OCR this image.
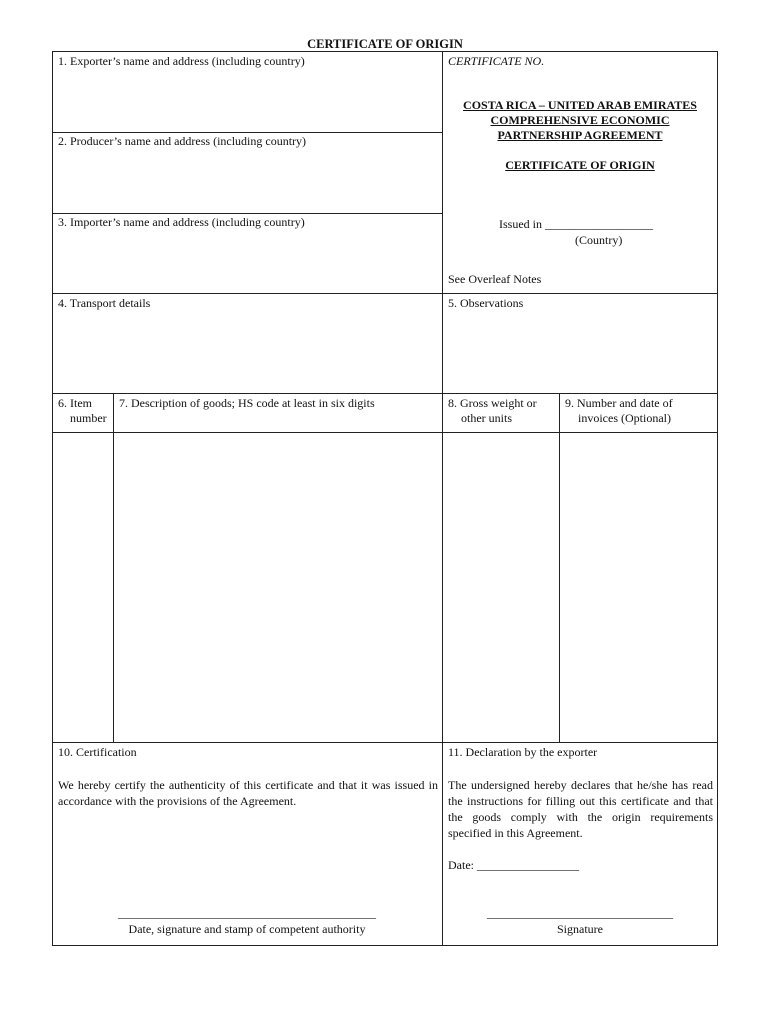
CERTIFICATE OF ORIGIN
1. Exporter’s name and address (including country)
2. Producer’s name and address (including country)
3. Importer’s name and address (including country)
CERTIFICATE NO.
COSTA RICA – UNITED ARAB EMIRATES
COMPREHENSIVE ECONOMIC
PARTNERSHIP AGREEMENT
CERTIFICATE OF ORIGIN
Issued in __________________
(Country)
See Overleaf Notes
4. Transport details	5. Observations
6. Item
number
7. Description of goods; HS code at least in six digits	8. Gross weight or
other units
9. Number and date of
invoices (Optional)
10. Certification
We hereby certify the authenticity of this certificate and that it was issued in accordance with the provisions of the Agreement.
___________________________________________
Date, signature and stamp of competent authority
11. Declaration by the exporter
The undersigned hereby declares that he/she has read the instructions for filling out this certificate and that the goods comply with the origin requirements specified in this Agreement.
Date: _________________
_______________________________
Signature
